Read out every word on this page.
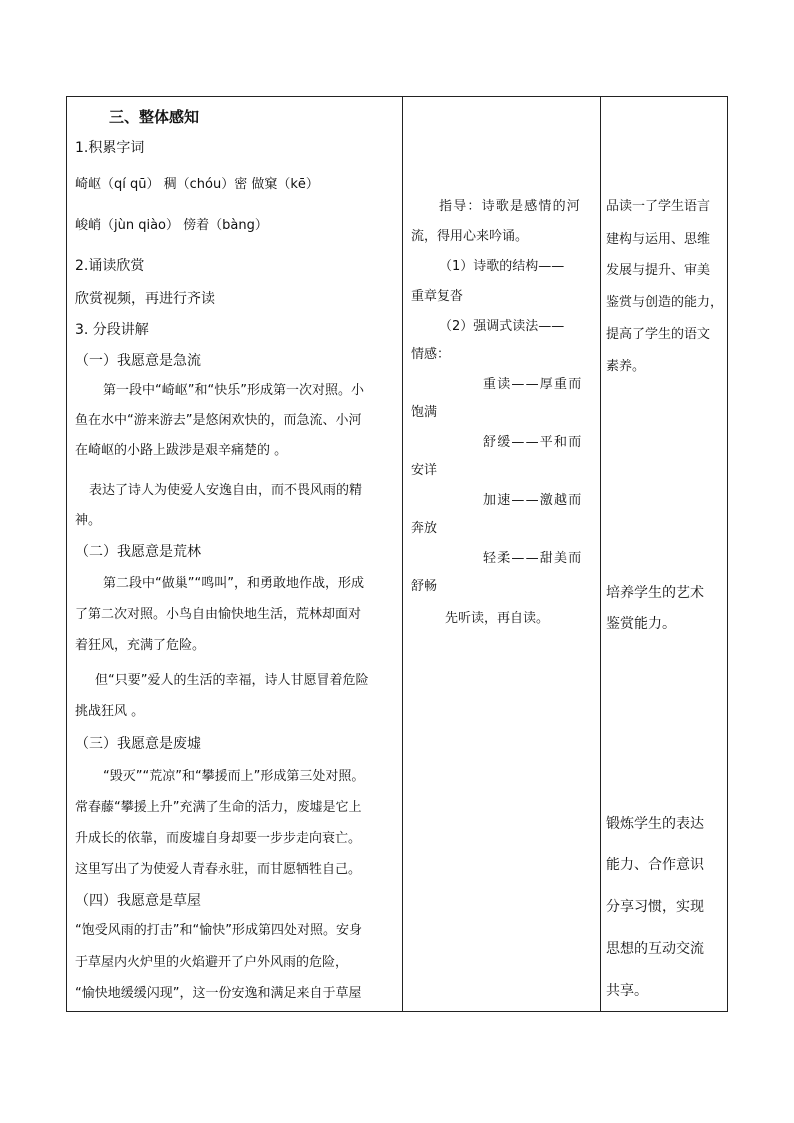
三、整体感知
1.积累字词
崎岖（qí qū） 稠（chóu）密 做窠（kē）
峻峭（jùn qiào） 傍着（bàng）
2.诵读欣赏
欣赏视频，再进行齐读
3. 分段讲解
（一）我愿意是急流
第一段中“崎岖”和“快乐”形成第一次对照。小
鱼在水中“游来游去”是悠闲欢快的，而急流、小河
在崎岖的小路上跋涉是艰辛痛楚的 。
表达了诗人为使爱人安逸自由，而不畏风雨的精
神。
（二）我愿意是荒林
第二段中“做巢”“鸣叫”，和勇敢地作战，形成
了第二次对照。小鸟自由愉快地生活，荒林却面对
着狂风，充满了危险。
但“只要”爱人的生活的幸福，诗人甘愿冒着危险
挑战狂风 。
（三）我愿意是废墟
“毁灭”“荒凉”和“攀援而上”形成第三处对照。
常春藤“攀援上升”充满了生命的活力，废墟是它上
升成长的依靠，而废墟自身却要一步步走向衰亡。
这里写出了为使爱人青春永驻，而甘愿牺牲自己。
（四）我愿意是草屋
“饱受风雨的打击”和“愉快”形成第四处对照。安身
于草屋内火炉里的火焰避开了户外风雨的危险，
“愉快地缓缓闪现”，这一份安逸和满足来自于草屋
指导：诗歌是感情的河
流，得用心来吟诵。
（1）诗歌的结构——
重章复沓
（2）强调式读法——
情感：
重读——厚重而
饱满
舒缓——平和而
安详
加速——激越而
奔放
轻柔——甜美而
舒畅
先听读，再自读。
品读一了学生语言
建构与运用、思维
发展与提升、审美
鉴赏与创造的能力，
提高了学生的语文
素养。
培养学生的艺术
鉴赏能力。
锻炼学生的表达
能力、合作意识
分享习惯，实现
思想的互动交流
共享。
